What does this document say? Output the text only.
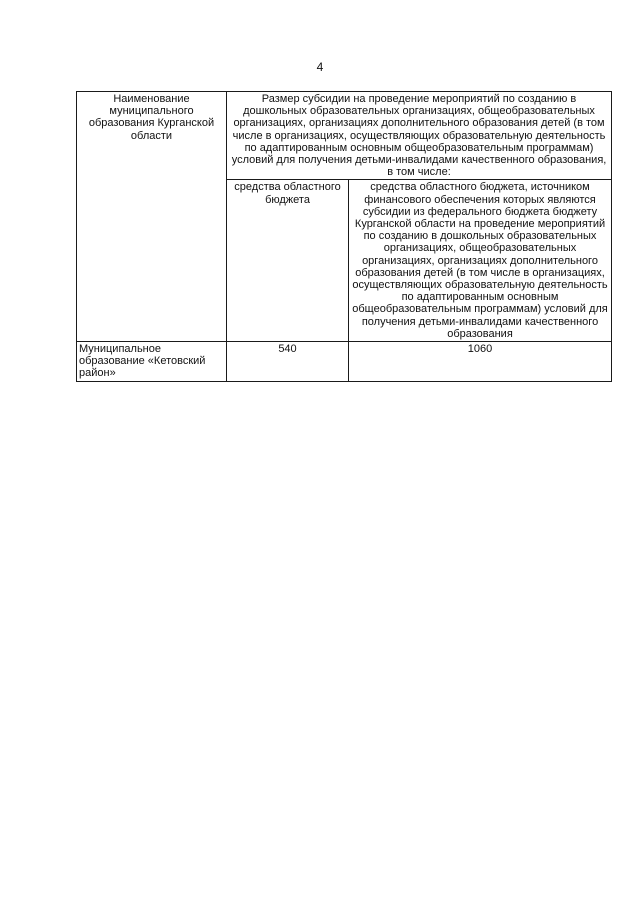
4
Наименование муниципального образования Курганской области	Размер субсидии на проведение мероприятий по созданию в дошкольных образовательных организациях, общеобразовательных организациях, организациях дополнительного образования детей (в том числе в организациях, осуществляющих образовательную деятельность по адаптированным основным общеобразовательным программам) условий для получения детьми-инвалидами качественного образования, в том числе:	
	средства областного бюджета	средства областного бюджета, источником финансового обеспечения которых являются субсидии из федерального бюджета бюджету Курганской области на проведение мероприятий по созданию в дошкольных образовательных организациях, общеобразовательных организациях, организациях дополнительного образования детей (в том числе в организациях, осуществляющих образовательную деятельность по адаптированным основным общеобразовательным программам) условий для получения детьми-инвалидами качественного образования
Муниципальное образование «Кетовский район»	540	1060
